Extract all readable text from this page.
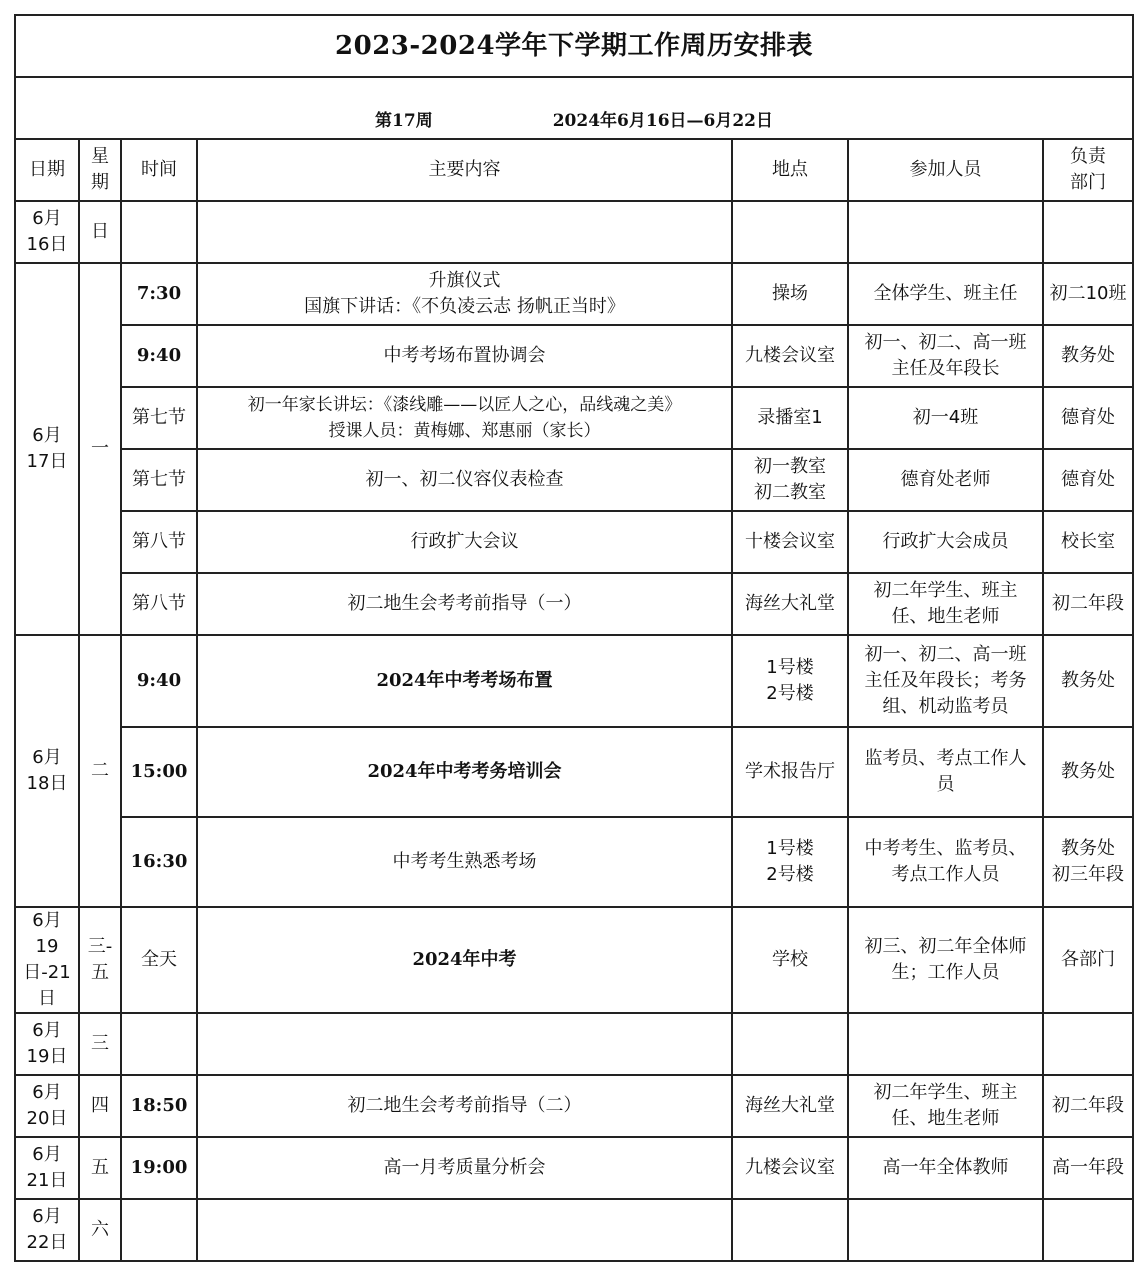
2023-2024学年下学期工作周历安排表						

第17周 2024年6月16日—6月22日						

日期	星期	时间	主要内容	地点	参加人员	负责
部门
6月
16日	日					
6月
17日	一	7:30	升旗仪式
国旗下讲话：《不负凌云志 扬帆正当时》	操场	全体学生、班主任	初二10班
		9:40	中考考场布置协调会	九楼会议室	初一、初二、高一班
主任及年段长	教务处
		第七节	初一年家长讲坛：《漆线雕——以匠人之心，品线魂之美》
授课人员：黄梅娜、郑惠丽（家长）	录播室1	初一4班	德育处
		第七节	初一、初二仪容仪表检查	初一教室
初二教室	德育处老师	德育处
		第八节	行政扩大会议	十楼会议室	行政扩大会成员	校长室
		第八节	初二地生会考考前指导（一）	海丝大礼堂	初二年学生、班主
任、地生老师	初二年段
6月
18日	二	9:40	2024年中考考场布置	1号楼
2号楼	初一、初二、高一班
主任及年段长；考务
组、机动监考员	教务处
		15:00	2024年中考考务培训会	学术报告厅	监考员、考点工作人
员	教务处
		16:30	中考考生熟悉考场	1号楼
2号楼	中考考生、监考员、
考点工作人员	教务处
初三年段
6月
19日-21
日	三-
五	全天	2024年中考	学校	初三、初二年全体师
生；工作人员	各部门
6月
19日	三					
6月
20日	四	18:50	初二地生会考考前指导（二）	海丝大礼堂	初二年学生、班主
任、地生老师	初二年段
6月
21日	五	19:00	高一月考质量分析会	九楼会议室	高一年全体教师	高一年段
6月
22日	六					
